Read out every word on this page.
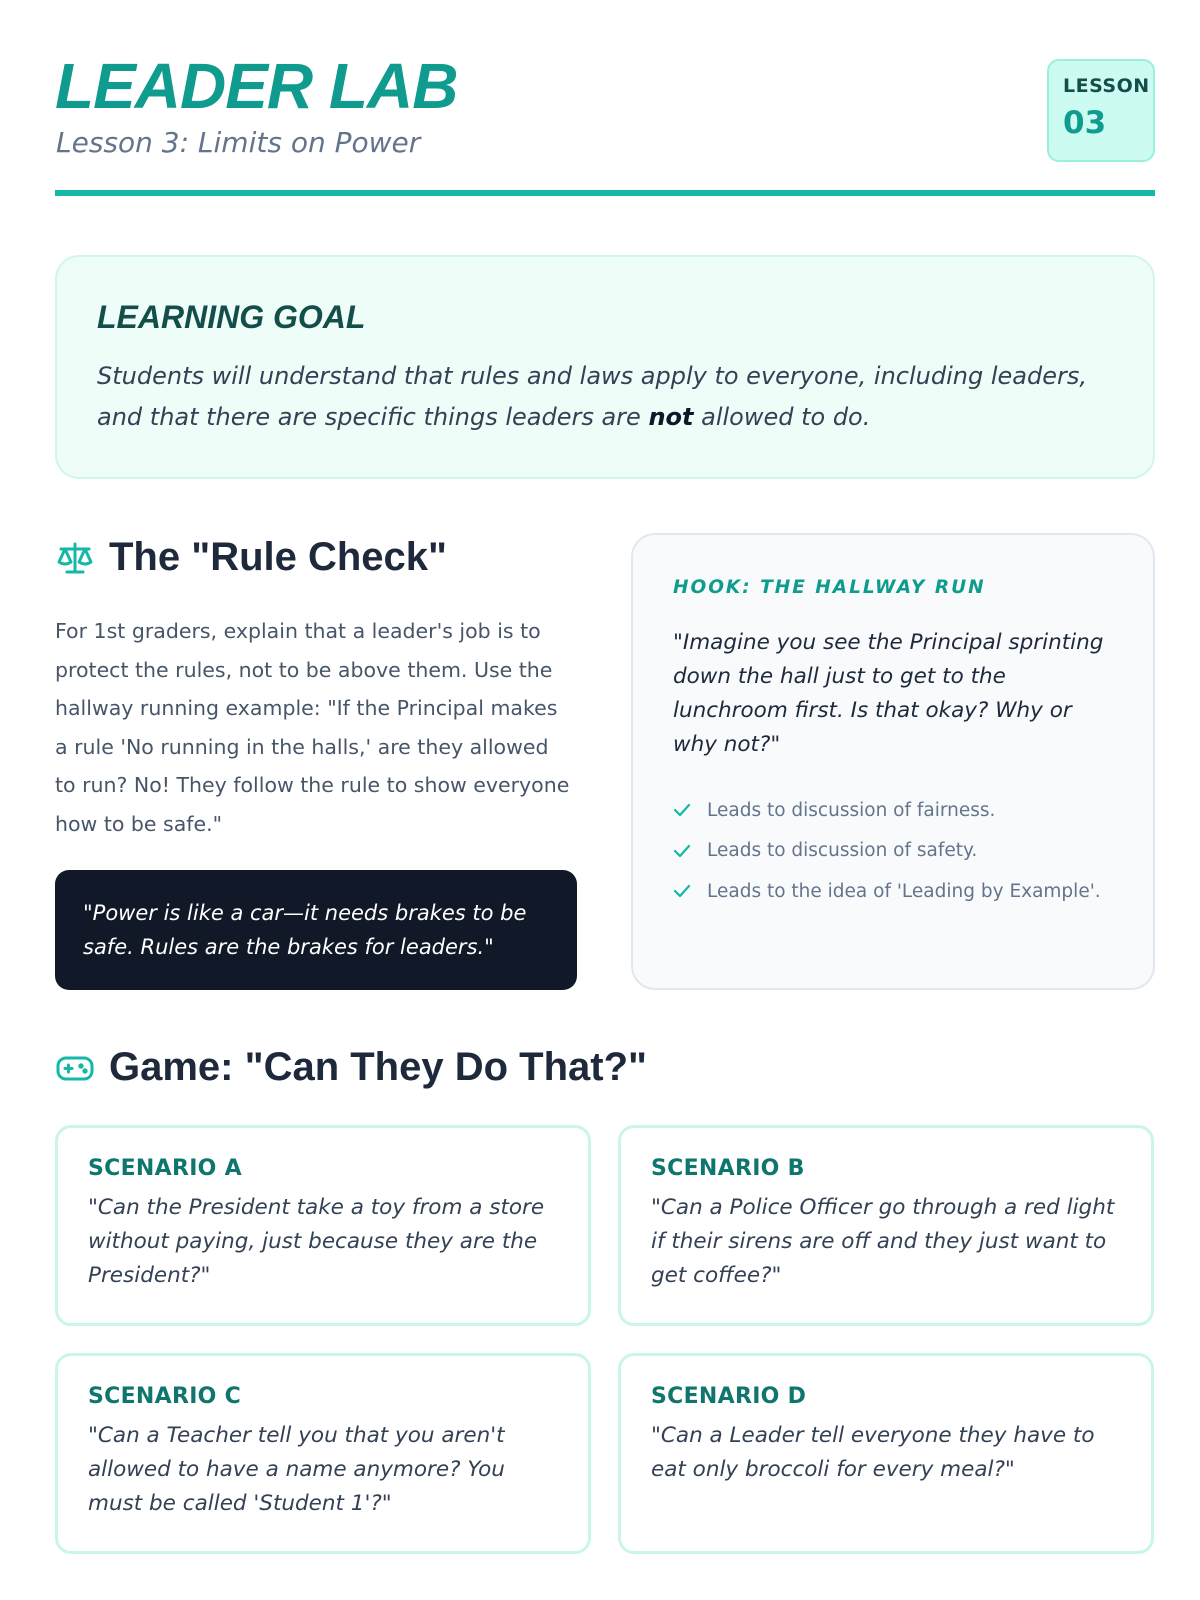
LEADER LAB
Lesson 3: Limits on Power
LESSON
03
LEARNING GOAL
Students will understand that rules and laws apply to everyone, including leaders, and that there are specific things leaders are not allowed to do.
The "Rule Check"
For 1st graders, explain that a leader's job is to protect the rules, not to be above them. Use the hallway running example: "If the Principal makes a rule 'No running in the halls,' are they allowed to run? No! They follow the rule to show everyone how to be safe."
"Power is like a car—it needs brakes to be safe. Rules are the brakes for leaders."
HOOK: THE HALLWAY RUN
"Imagine you see the Principal sprinting down the hall just to get to the lunchroom first. Is that okay? Why or why not?"
Leads to discussion of fairness.
Leads to discussion of safety.
Leads to the idea of 'Leading by Example'.
Game: "Can They Do That?"
SCENARIO A
"Can the President take a toy from a store without paying, just because they are the President?"
SCENARIO B
"Can a Police Officer go through a red light if their sirens are off and they just want to get coffee?"
SCENARIO C
"Can a Teacher tell you that you aren't allowed to have a name anymore? You must be called 'Student 1'?"
SCENARIO D
"Can a Leader tell everyone they have to eat only broccoli for every meal?"
